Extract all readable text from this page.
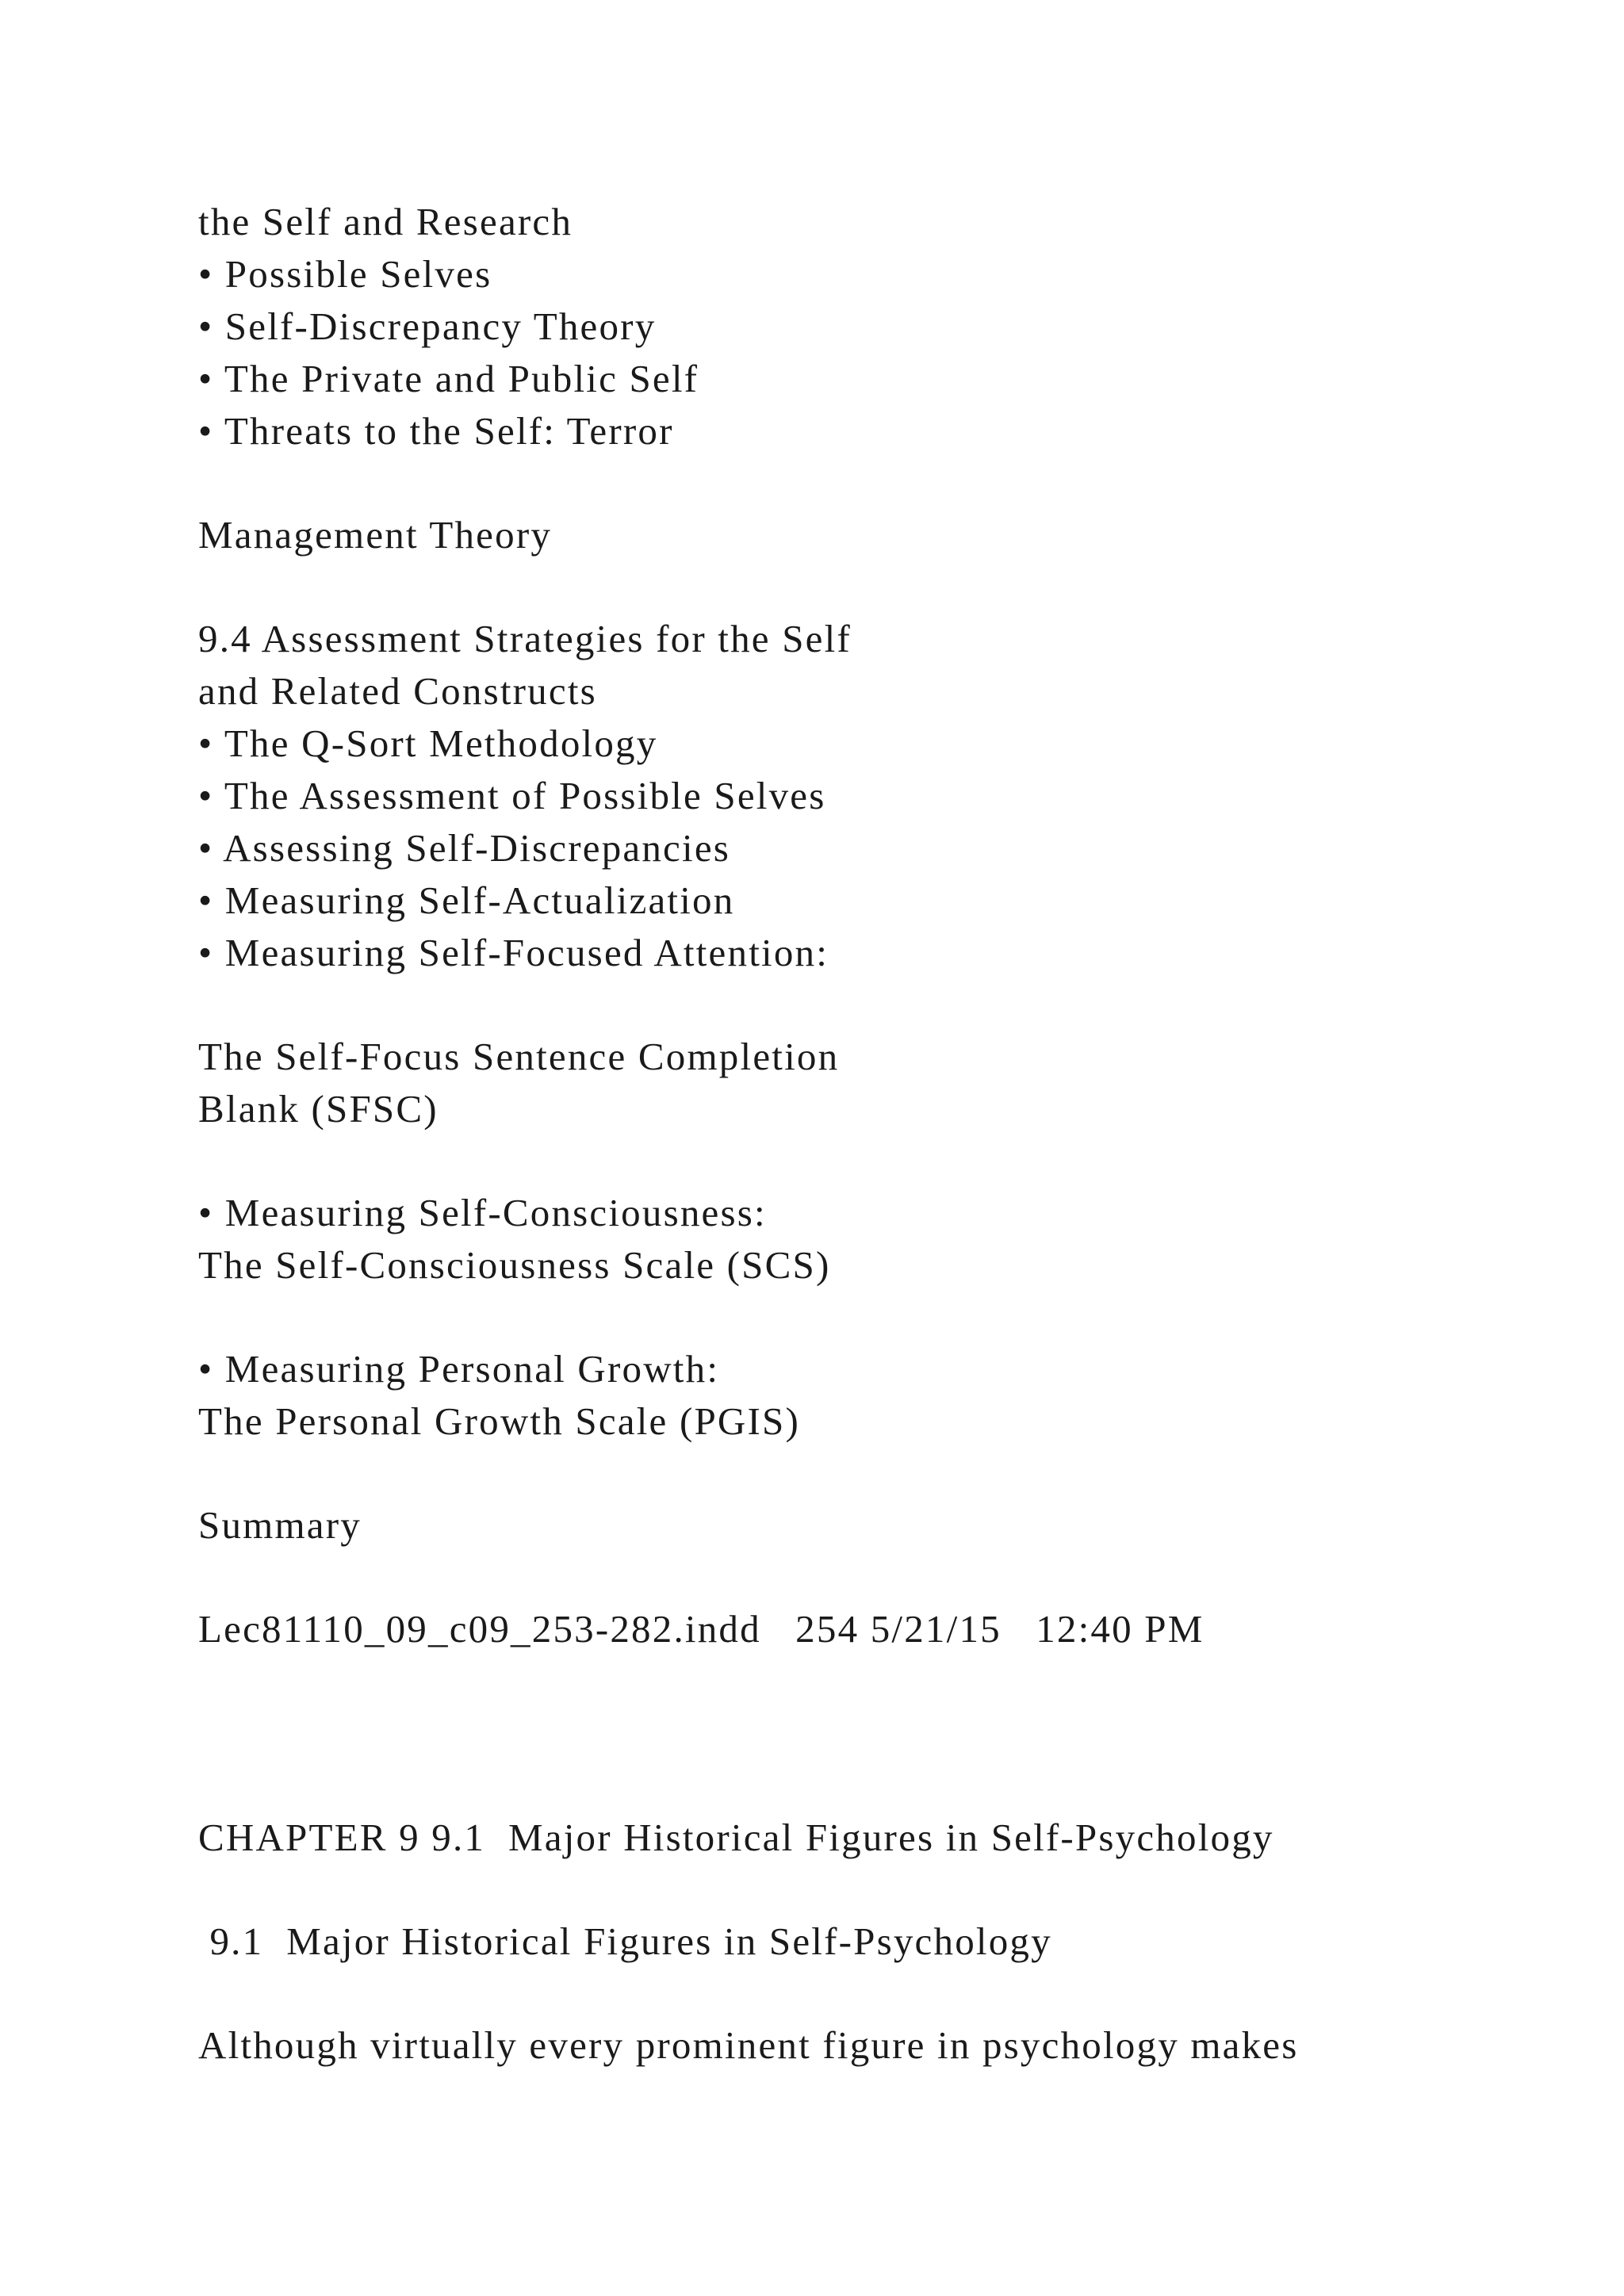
the Self and Research

• Possible Selves

• Self-Discrepancy Theory

• The Private and Public Self

• Threats to the Self: Terror

Management Theory

9.4 Assessment Strategies for the Self

and Related Constructs

• The Q-Sort Methodology

• The Assessment of Possible Selves

• Assessing Self-Discrepancies

• Measuring Self-Actualization

• Measuring Self-Focused Attention:

The Self-Focus Sentence Completion

Blank (SFSC)

• Measuring Self-Consciousness:

The Self-Consciousness Scale (SCS)

• Measuring Personal Growth:

The Personal Growth Scale (PGIS)

Summary

Lec81110_09_c09_253-282.indd   254 5/21/15   12:40 PM

CHAPTER 9 9.1  Major Historical Figures in Self-Psychology

9.1  Major Historical Figures in Self-Psychology

Although virtually every prominent figure in psychology makes
